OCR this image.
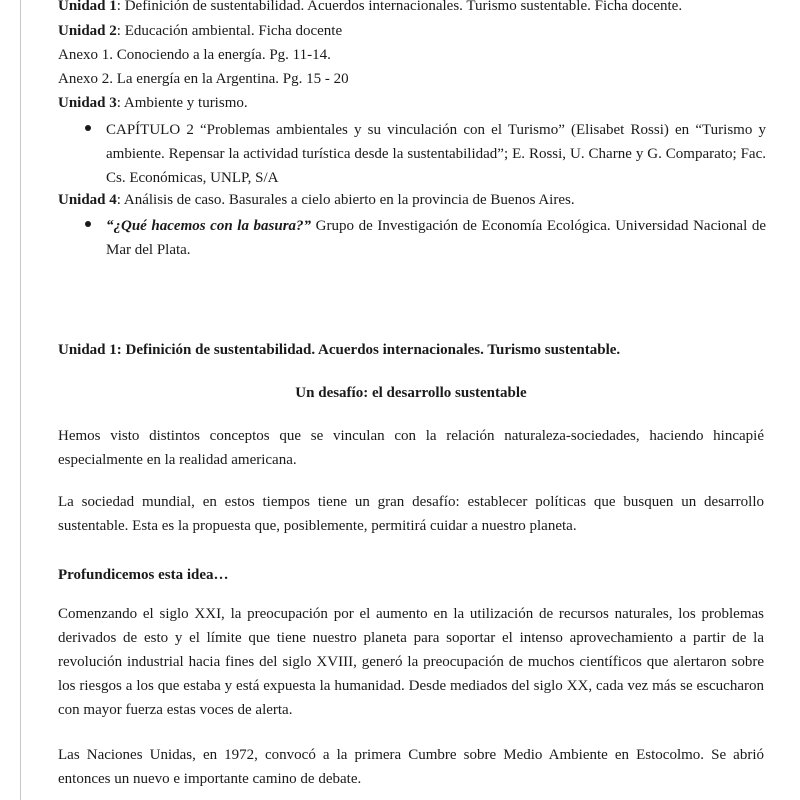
Unidad 1: Definición de sustentabilidad. Acuerdos internacionales. Turismo sustentable. Ficha docente.
Unidad 2: Educación ambiental. Ficha docente
Anexo 1. Conociendo a la energía. Pg. 11-14.
Anexo 2. La energía en la Argentina. Pg. 15 - 20
Unidad 3: Ambiente y turismo.
CAPÍTULO 2 “Problemas ambientales y su vinculación con el Turismo” (Elisabet Rossi) en “Turismo y ambiente. Repensar la actividad turística desde la sustentabilidad”; E. Rossi, U. Charne y G. Comparato; Fac. Cs. Económicas, UNLP, S/A
Unidad 4: Análisis de caso. Basurales a cielo abierto en la provincia de Buenos Aires.
“¿Qué hacemos con la basura?” Grupo de Investigación de Economía Ecológica. Universidad Nacional de Mar del Plata.
Unidad 1: Definición de sustentabilidad. Acuerdos internacionales. Turismo sustentable.
Un desafío: el desarrollo sustentable
Hemos visto distintos conceptos que se vinculan con la relación naturaleza-sociedades, haciendo hincapié especialmente en la realidad americana.
La sociedad mundial, en estos tiempos tiene un gran desafío: establecer políticas que busquen un desarrollo sustentable. Esta es la propuesta que, posiblemente, permitirá cuidar a nuestro planeta.
Profundicemos esta idea…
Comenzando el siglo XXI, la preocupación por el aumento en la utilización de recursos naturales, los problemas derivados de esto y el límite que tiene nuestro planeta para soportar el intenso aprovechamiento a partir de la revolución industrial hacia fines del siglo XVIII, generó la preocupación de muchos científicos que alertaron sobre los riesgos a los que estaba y está expuesta la humanidad. Desde mediados del siglo XX, cada vez más se escucharon con mayor fuerza estas voces de alerta.
Las Naciones Unidas, en 1972, convocó a la primera Cumbre sobre Medio Ambiente en Estocolmo. Se abrió entonces un nuevo e importante camino de debate.
